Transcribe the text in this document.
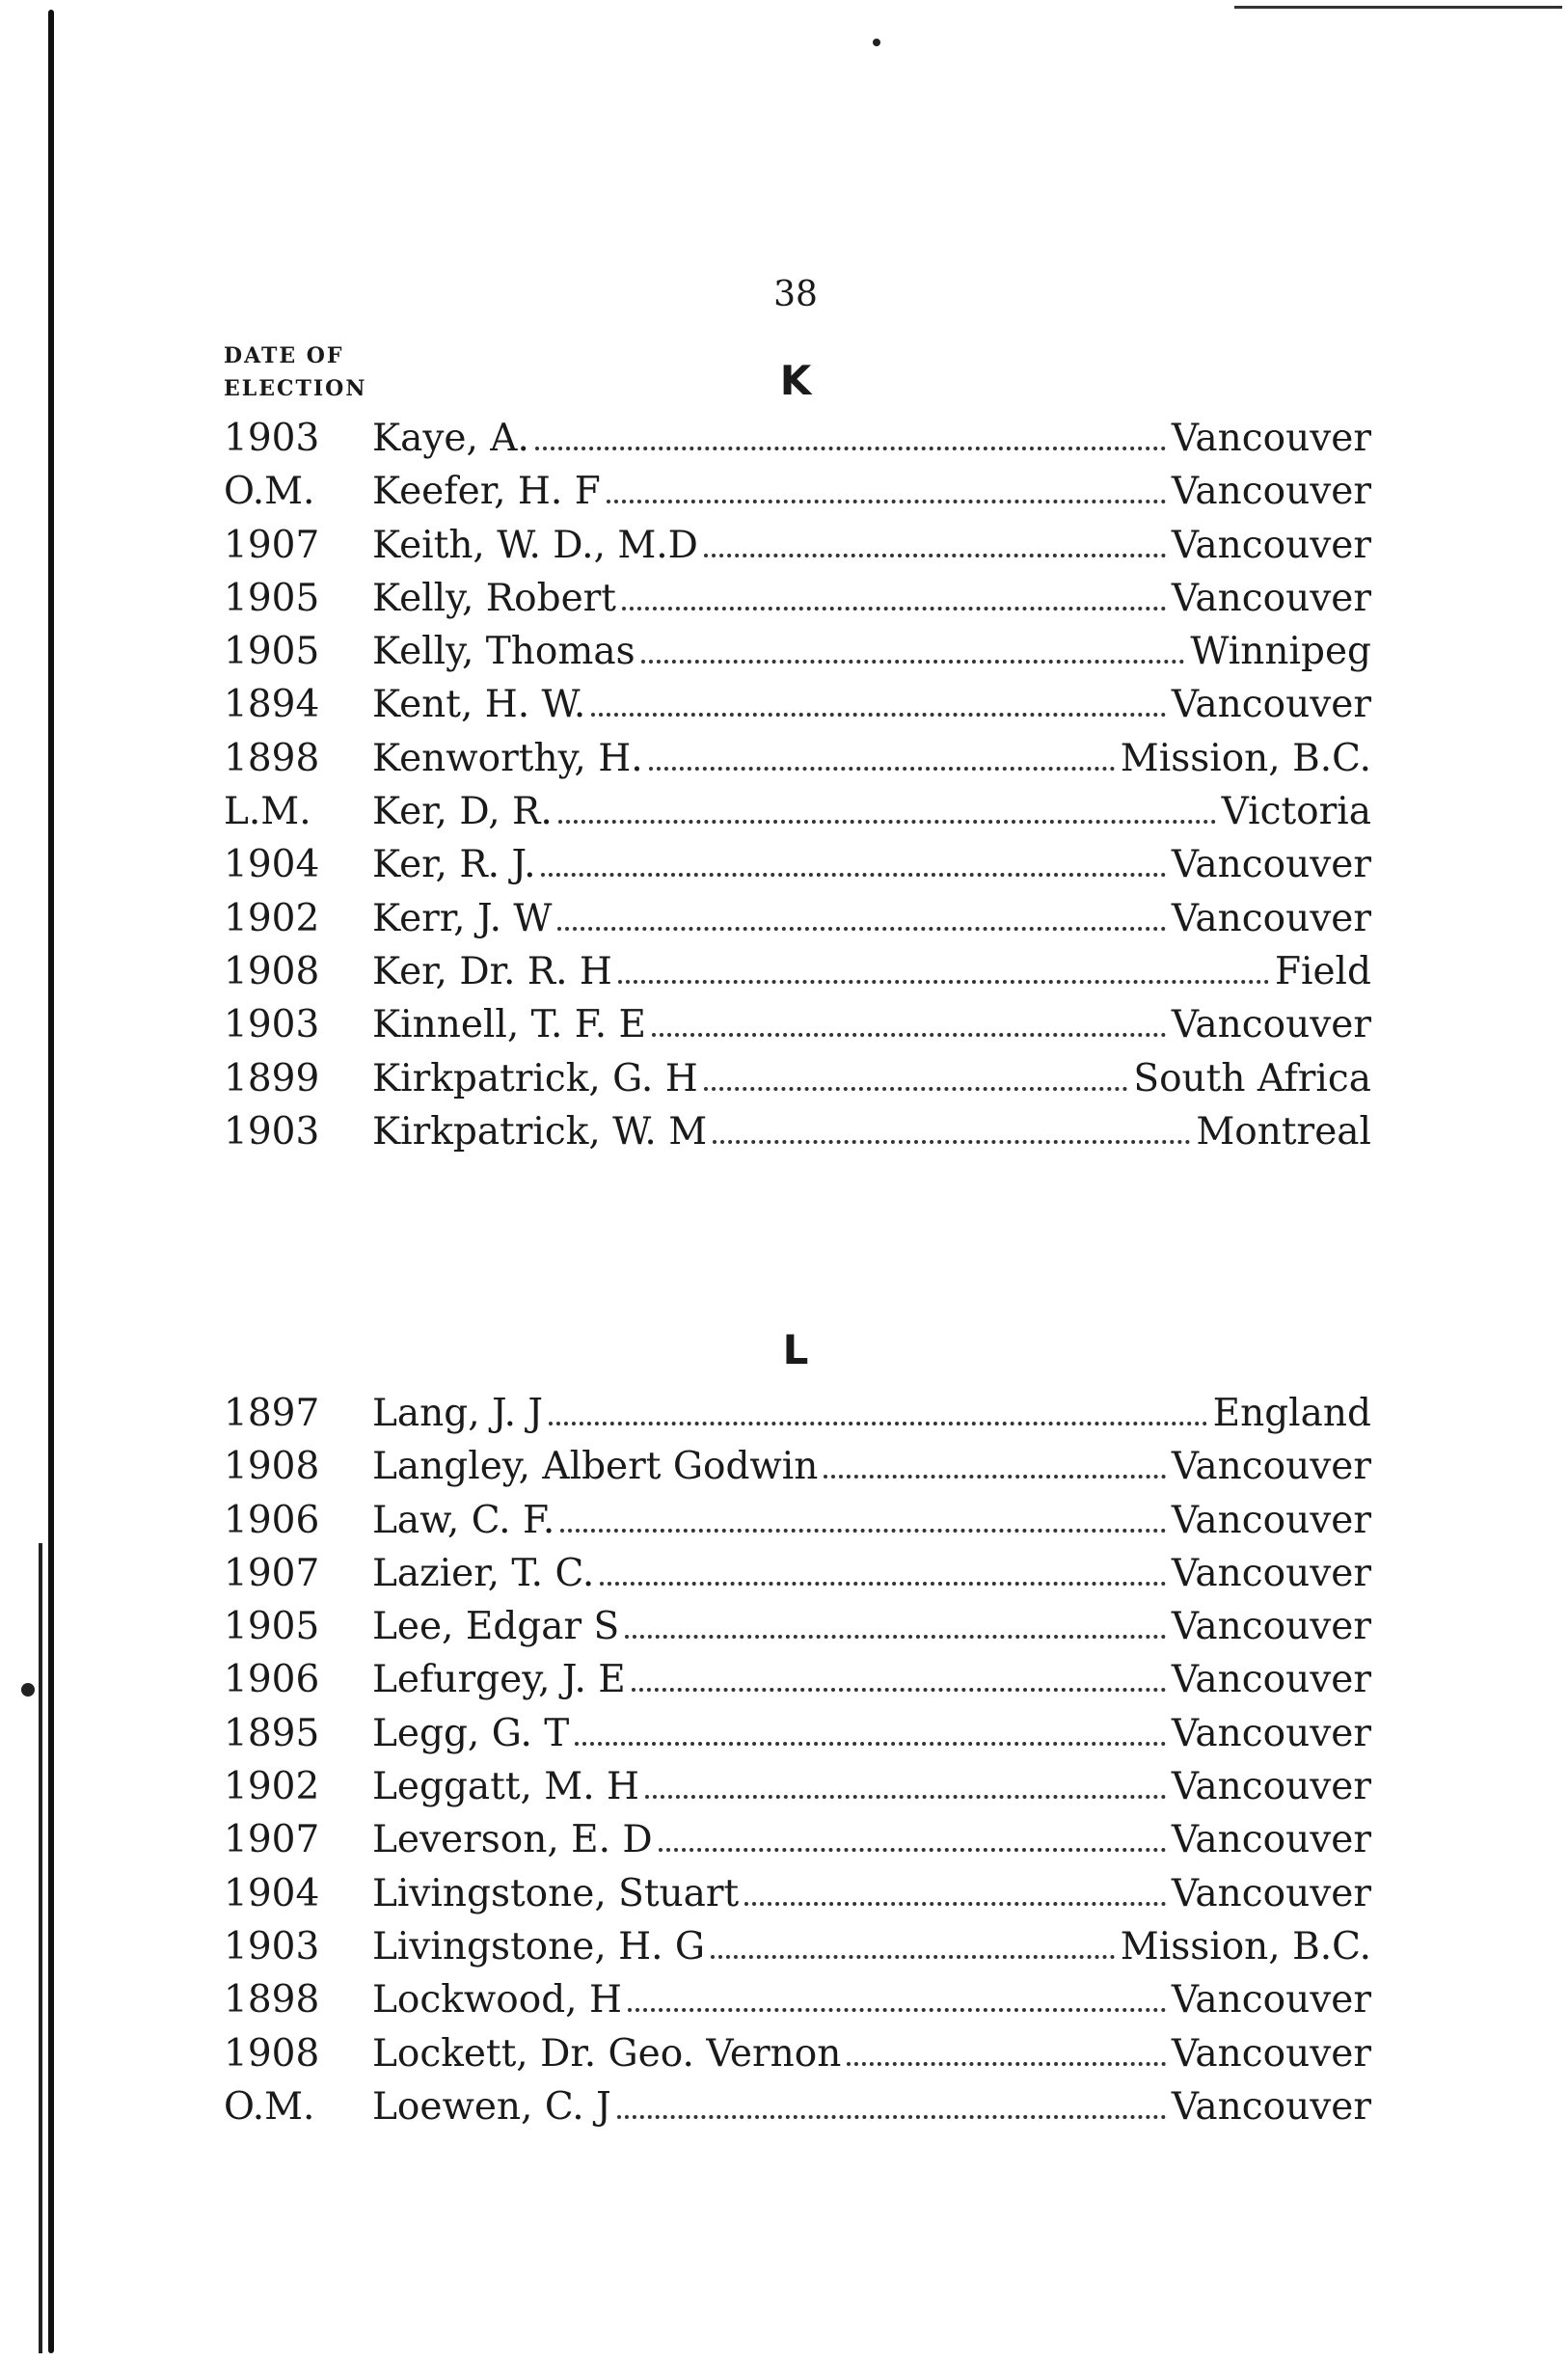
38
DATE OF
ELECTION	K
1903	Kaye, A.	Vancouver
O.M.	Keefer, H. F	Vancouver
1907	Keith, W. D., M.D	Vancouver
1905	Kelly, Robert	Vancouver
1905	Kelly, Thomas	Winnipeg
1894	Kent, H. W.	Vancouver
1898	Kenworthy, H.	Mission, B.C.
L.M.	Ker, D, R.	Victoria
1904	Ker, R. J.	Vancouver
1902	Kerr, J. W	Vancouver
1908	Ker, Dr. R. H	Field
1903	Kinnell, T. F. E	Vancouver
1899	Kirkpatrick, G. H	South Africa
1903	Kirkpatrick, W. M	Montreal
L
1897	Lang, J. J	England
1908	Langley, Albert Godwin	Vancouver
1906	Law, C. F.	Vancouver
1907	Lazier, T. C.	Vancouver
1905	Lee, Edgar S	Vancouver
1906	Lefurgey, J. E	Vancouver
1895	Legg, G. T	Vancouver
1902	Leggatt, M. H	Vancouver
1907	Leverson, E. D	Vancouver
1904	Livingstone, Stuart	Vancouver
1903	Livingstone, H. G	Mission, B.C.
1898	Lockwood, H	Vancouver
1908	Lockett, Dr. Geo. Vernon	Vancouver
O.M.	Loewen, C. J	Vancouver
